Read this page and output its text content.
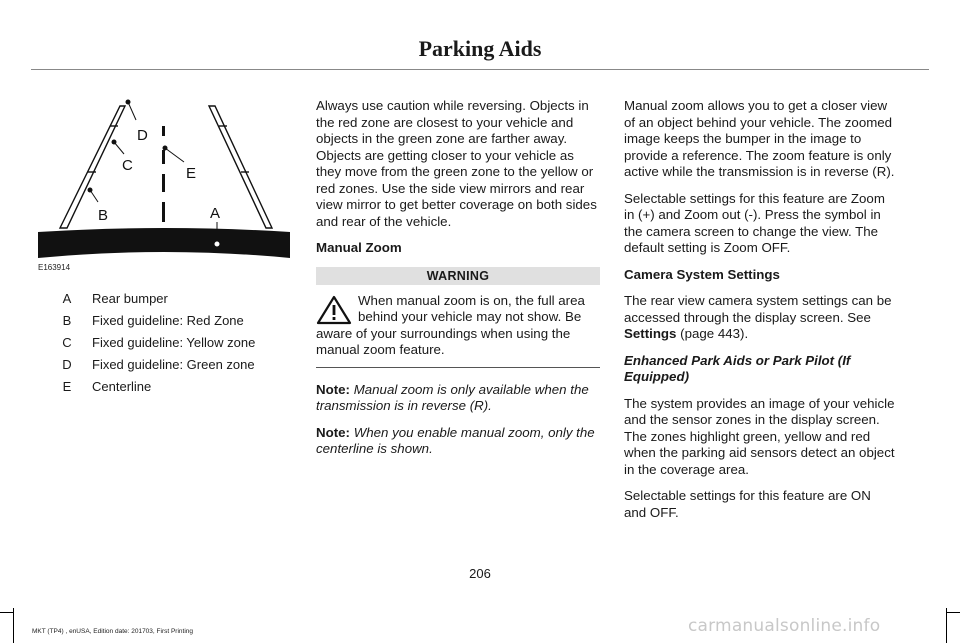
Parking Aids
D
C
B
E
A
E163914
A	Rear bumper
B	Fixed guideline: Red Zone
C	Fixed guideline: Yellow zone
D	Fixed guideline: Green zone
E	Centerline

Always use caution while reversing. Objects in the red zone are closest to your vehicle and objects in the green zone are farther away. Objects are getting closer to your vehicle as they move from the green zone to the yellow or red zones. Use the side view mirrors and rear view mirror to get better coverage on both sides and rear of the vehicle.

Manual Zoom

WARNING
When manual zoom is on, the full area behind your vehicle may not show. Be aware of your surroundings when using the manual zoom feature.

Note: Manual zoom is only available when the transmission is in reverse (R).

Note: When you enable manual zoom, only the centerline is shown.

Manual zoom allows you to get a closer view of an object behind your vehicle. The zoomed image keeps the bumper in the image to provide a reference. The zoom feature is only active while the transmission is in reverse (R).

Selectable settings for this feature are Zoom in (+) and Zoom out (-). Press the symbol in the camera screen to change the view. The default setting is Zoom OFF.

Camera System Settings

The rear view camera system settings can be accessed through the display screen. See Settings (page 443).

Enhanced Park Aids or Park Pilot (If Equipped)

The system provides an image of your vehicle and the sensor zones in the display screen. The zones highlight green, yellow and red when the parking aid sensors detect an object in the coverage area.

Selectable settings for this feature are ON and OFF.

206
MKT (TP4) , enUSA, Edition date: 201703, First Printing	carmanualsonline.info
